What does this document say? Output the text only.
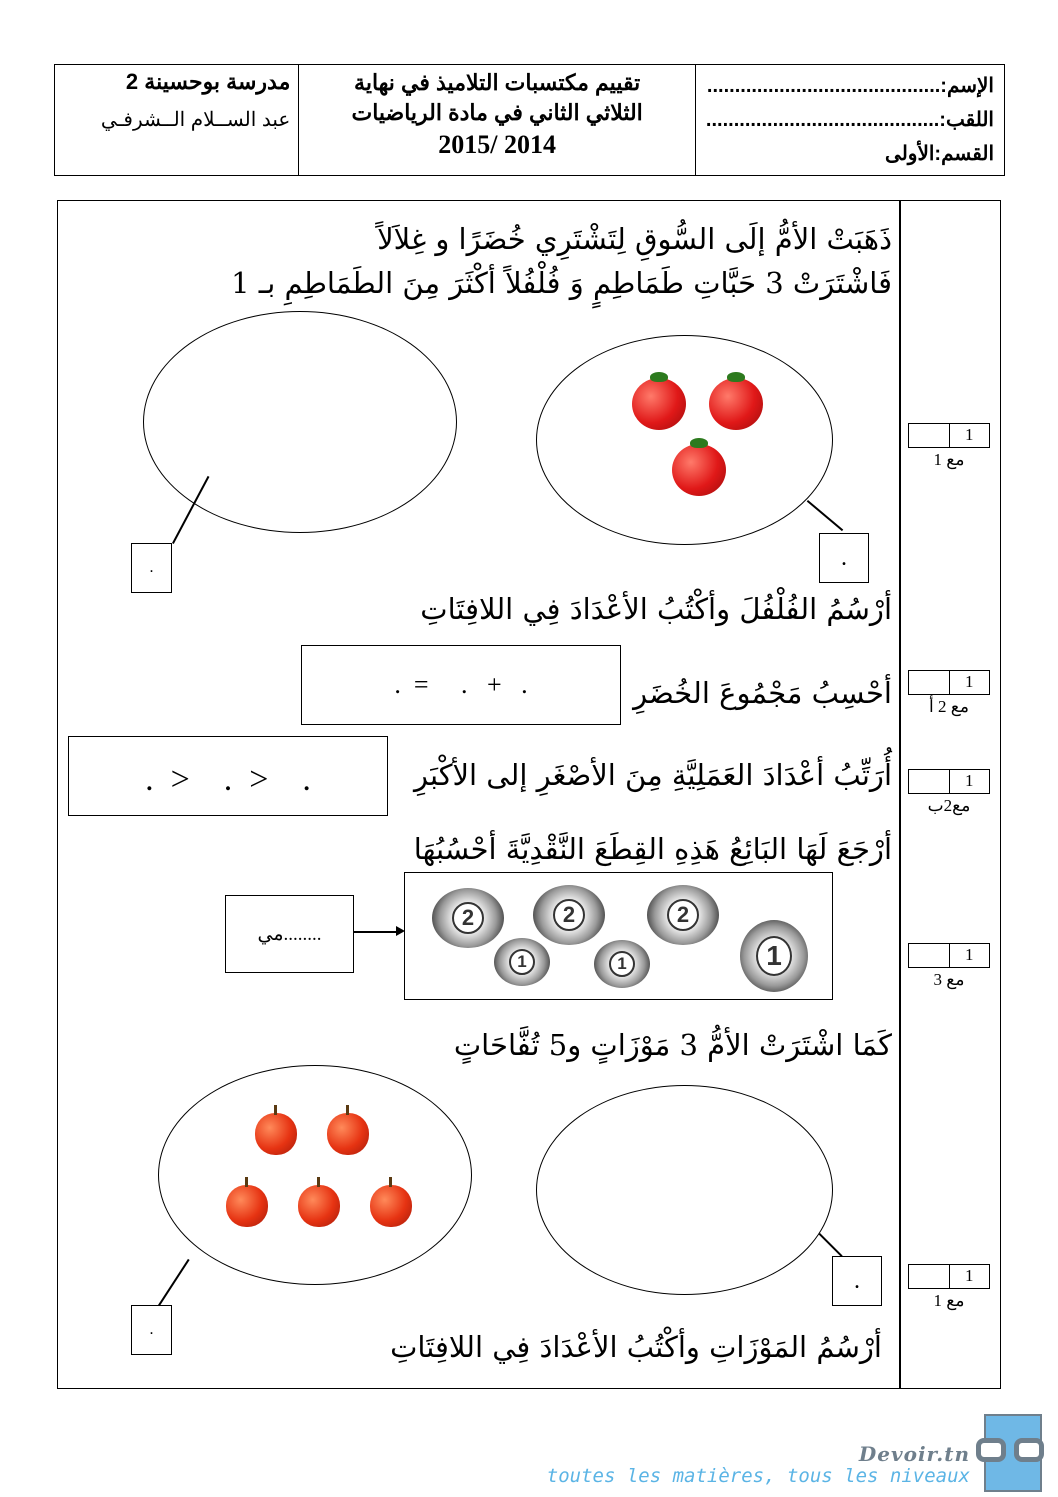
مدرسة بوحسينة 2
عبد الســلام الــشرفـي
تقييم مكتسبات التلاميذ في نهاية
الثلاثي الثاني في مادة الرياضيات
2015/ 2014
الإسم:..........................................
اللقب:..........................................
القسم:الأولى
ذَهَبَتْ الأمُّ إلَى السُّوقِ لِتَشْتَرِي خُضَرًا و غِلاَلاً
فَاشْتَرَتْ 3 حَبَّاتِ طَمَاطِمٍ وَ فُلْفُلاً أكْثَرَ مِنَ الطَمَاطِمِ بـ 1
.	.
أرْسُمُ الفُلْفُلَ وأكْتُبُ الأعْدَادَ فِي اللافِتَاتِ
1
مع 1
أحْسِبُ مَجْمُوعَ الخُضَرِ
.  =     .   +   .	1
مع 2 أ
أُرَتِّبُ أعْدَادَ العَمَلِيَّةِ مِنَ الأصْغَرِ إلى الأكْبَرِ
.  >    .  >    .	1
مع2ب
أرْجَعَ لَهَا البَائِعُ هَذِهِ القِطَعَ النَّقْدِيَّةَ أحْسُبُهَا
2	2	2
1	1	1
........مي
1
مع 3
كَمَا اشْتَرَتْ الأمُّ 3 مَوْزَاتٍ و5 تُفَّاحَاتٍ
.
.
أرْسُمُ المَوْزَاتِ وأكْتُبُ الأعْدَادَ فِي اللافِتَاتِ
1
مع 1
Devoir.tn
toutes les matières, tous les niveaux
